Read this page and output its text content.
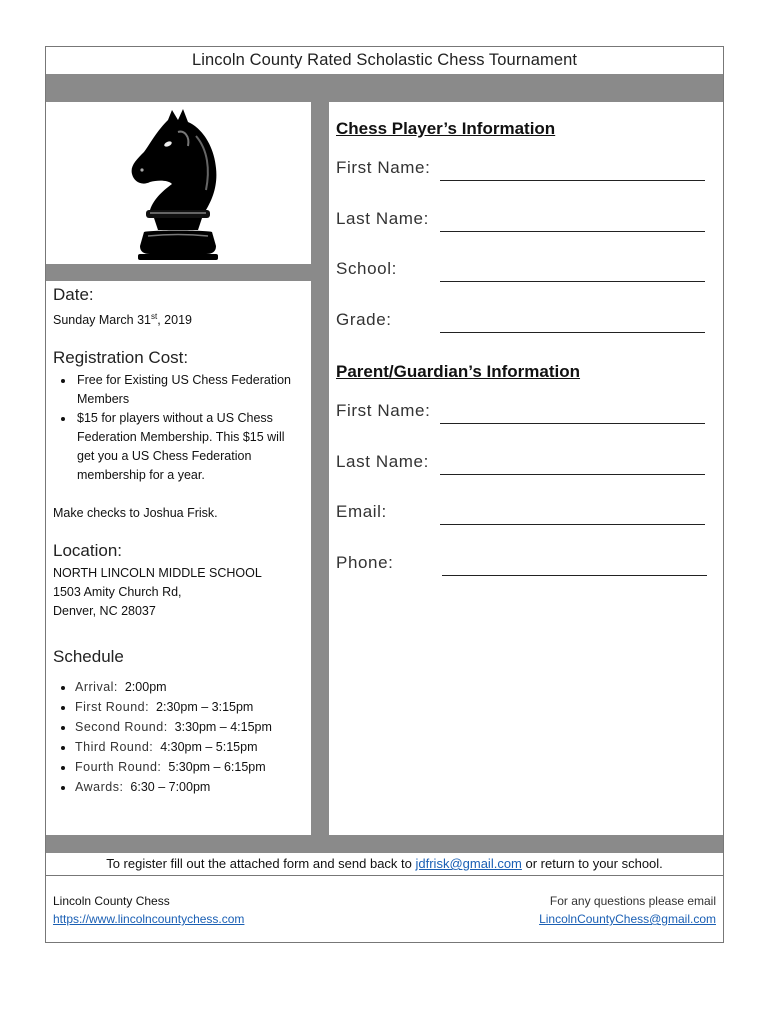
Lincoln County Rated Scholastic Chess Tournament
Date:
Sunday March 31st, 2019
Registration Cost:
• Free for Existing US Chess Federation Members
• $15 for players without a US Chess Federation Membership. This $15 will get you a US Chess Federation membership for a year.
Make checks to Joshua Frisk.
Location:
NORTH LINCOLN MIDDLE SCHOOL
1503 Amity Church Rd,
Denver, NC 28037
Schedule
• Arrival: 2:00pm
• First Round: 2:30pm – 3:15pm
• Second Round: 3:30pm – 4:15pm
• Third Round: 4:30pm – 5:15pm
• Fourth Round: 5:30pm – 6:15pm
• Awards: 6:30 – 7:00pm
Chess Player’s Information
First Name:
Last Name:
School:
Grade:
Parent/Guardian’s Information
First Name:
Last Name:
Email:
Phone:
To register fill out the attached form and send back to jdfrisk@gmail.com or return to your school.
Lincoln County Chess
https://www.lincolncountychess.com
For any questions please email
LincolnCountyChess@gmail.com
